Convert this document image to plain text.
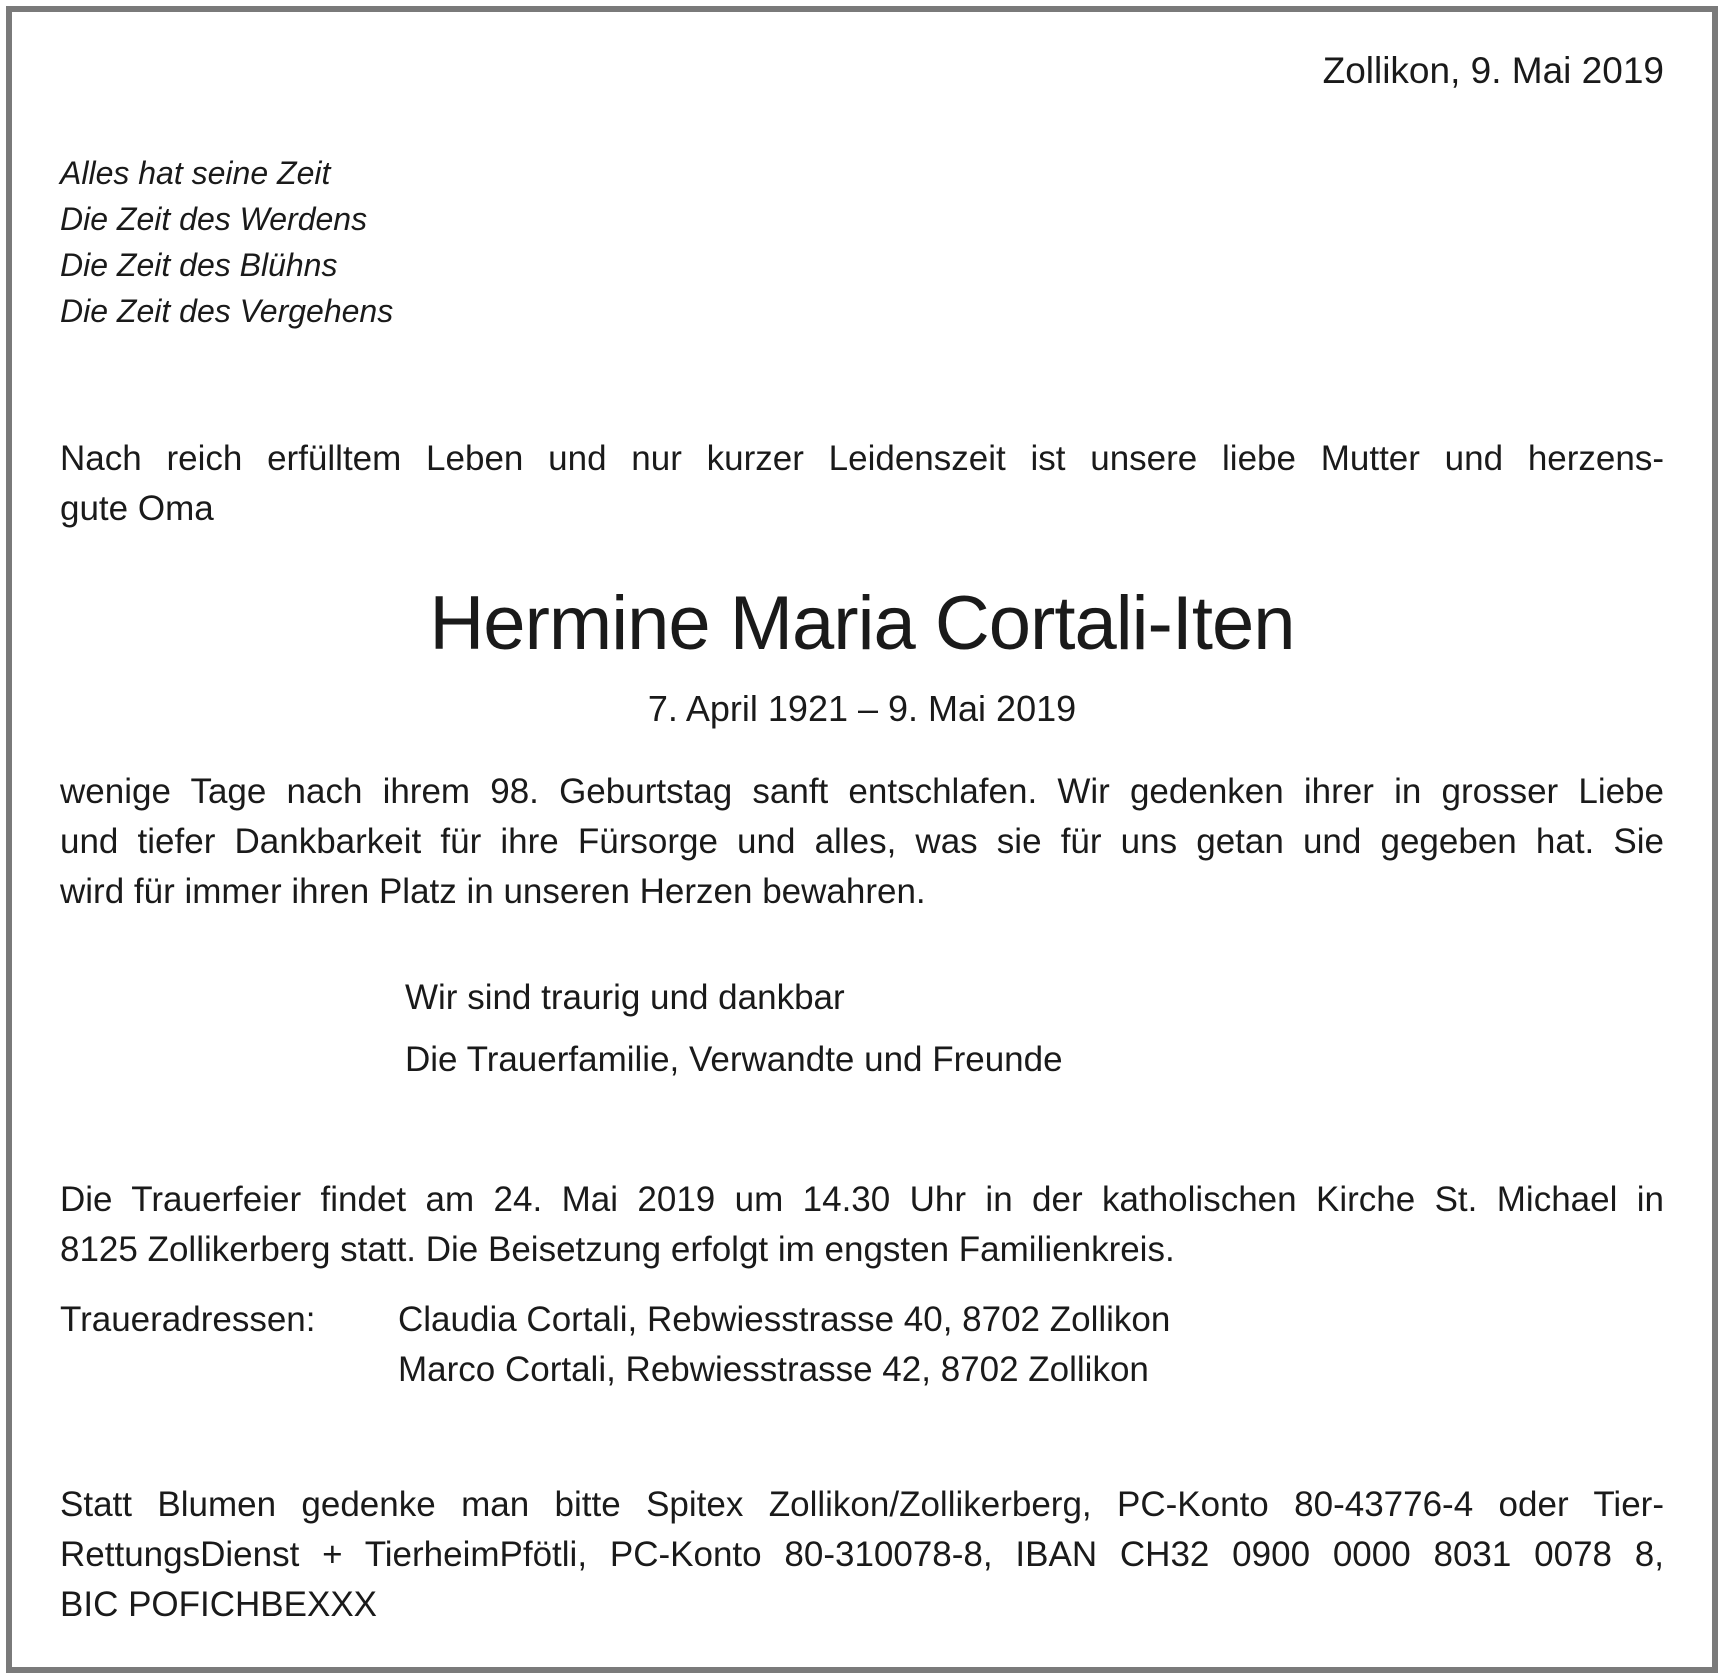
Zollikon, 9. Mai 2019
Alles hat seine Zeit
Die Zeit des Werdens
Die Zeit des Blühns
Die Zeit des Vergehens
Nach reich erfülltem Leben und nur kurzer Leidenszeit ist unsere liebe Mutter und herzens-
gute Oma
Hermine Maria Cortali-Iten
7. April 1921 – 9. Mai 2019
wenige Tage nach ihrem 98. Geburtstag sanft entschlafen. Wir gedenken ihrer in grosser Liebe
und tiefer Dankbarkeit für ihre Fürsorge und alles, was sie für uns getan und gegeben hat. Sie
wird für immer ihren Platz in unseren Herzen bewahren.
Wir sind traurig und dankbar
Die Trauerfamilie, Verwandte und Freunde
Die Trauerfeier findet am 24. Mai 2019 um 14.30 Uhr in der katholischen Kirche St. Michael in
8125 Zollikerberg statt. Die Beisetzung erfolgt im engsten Familienkreis.
Traueradressen: Claudia Cortali, Rebwiesstrasse 40, 8702 Zollikon
Marco Cortali, Rebwiesstrasse 42, 8702 Zollikon
Statt Blumen gedenke man bitte Spitex Zollikon/Zollikerberg, PC-Konto 80-43776-4 oder Tier-
RettungsDienst + TierheimPfötli, PC-Konto 80-310078-8, IBAN CH32 0900 0000 8031 0078 8,
BIC POFICHBEXXX
